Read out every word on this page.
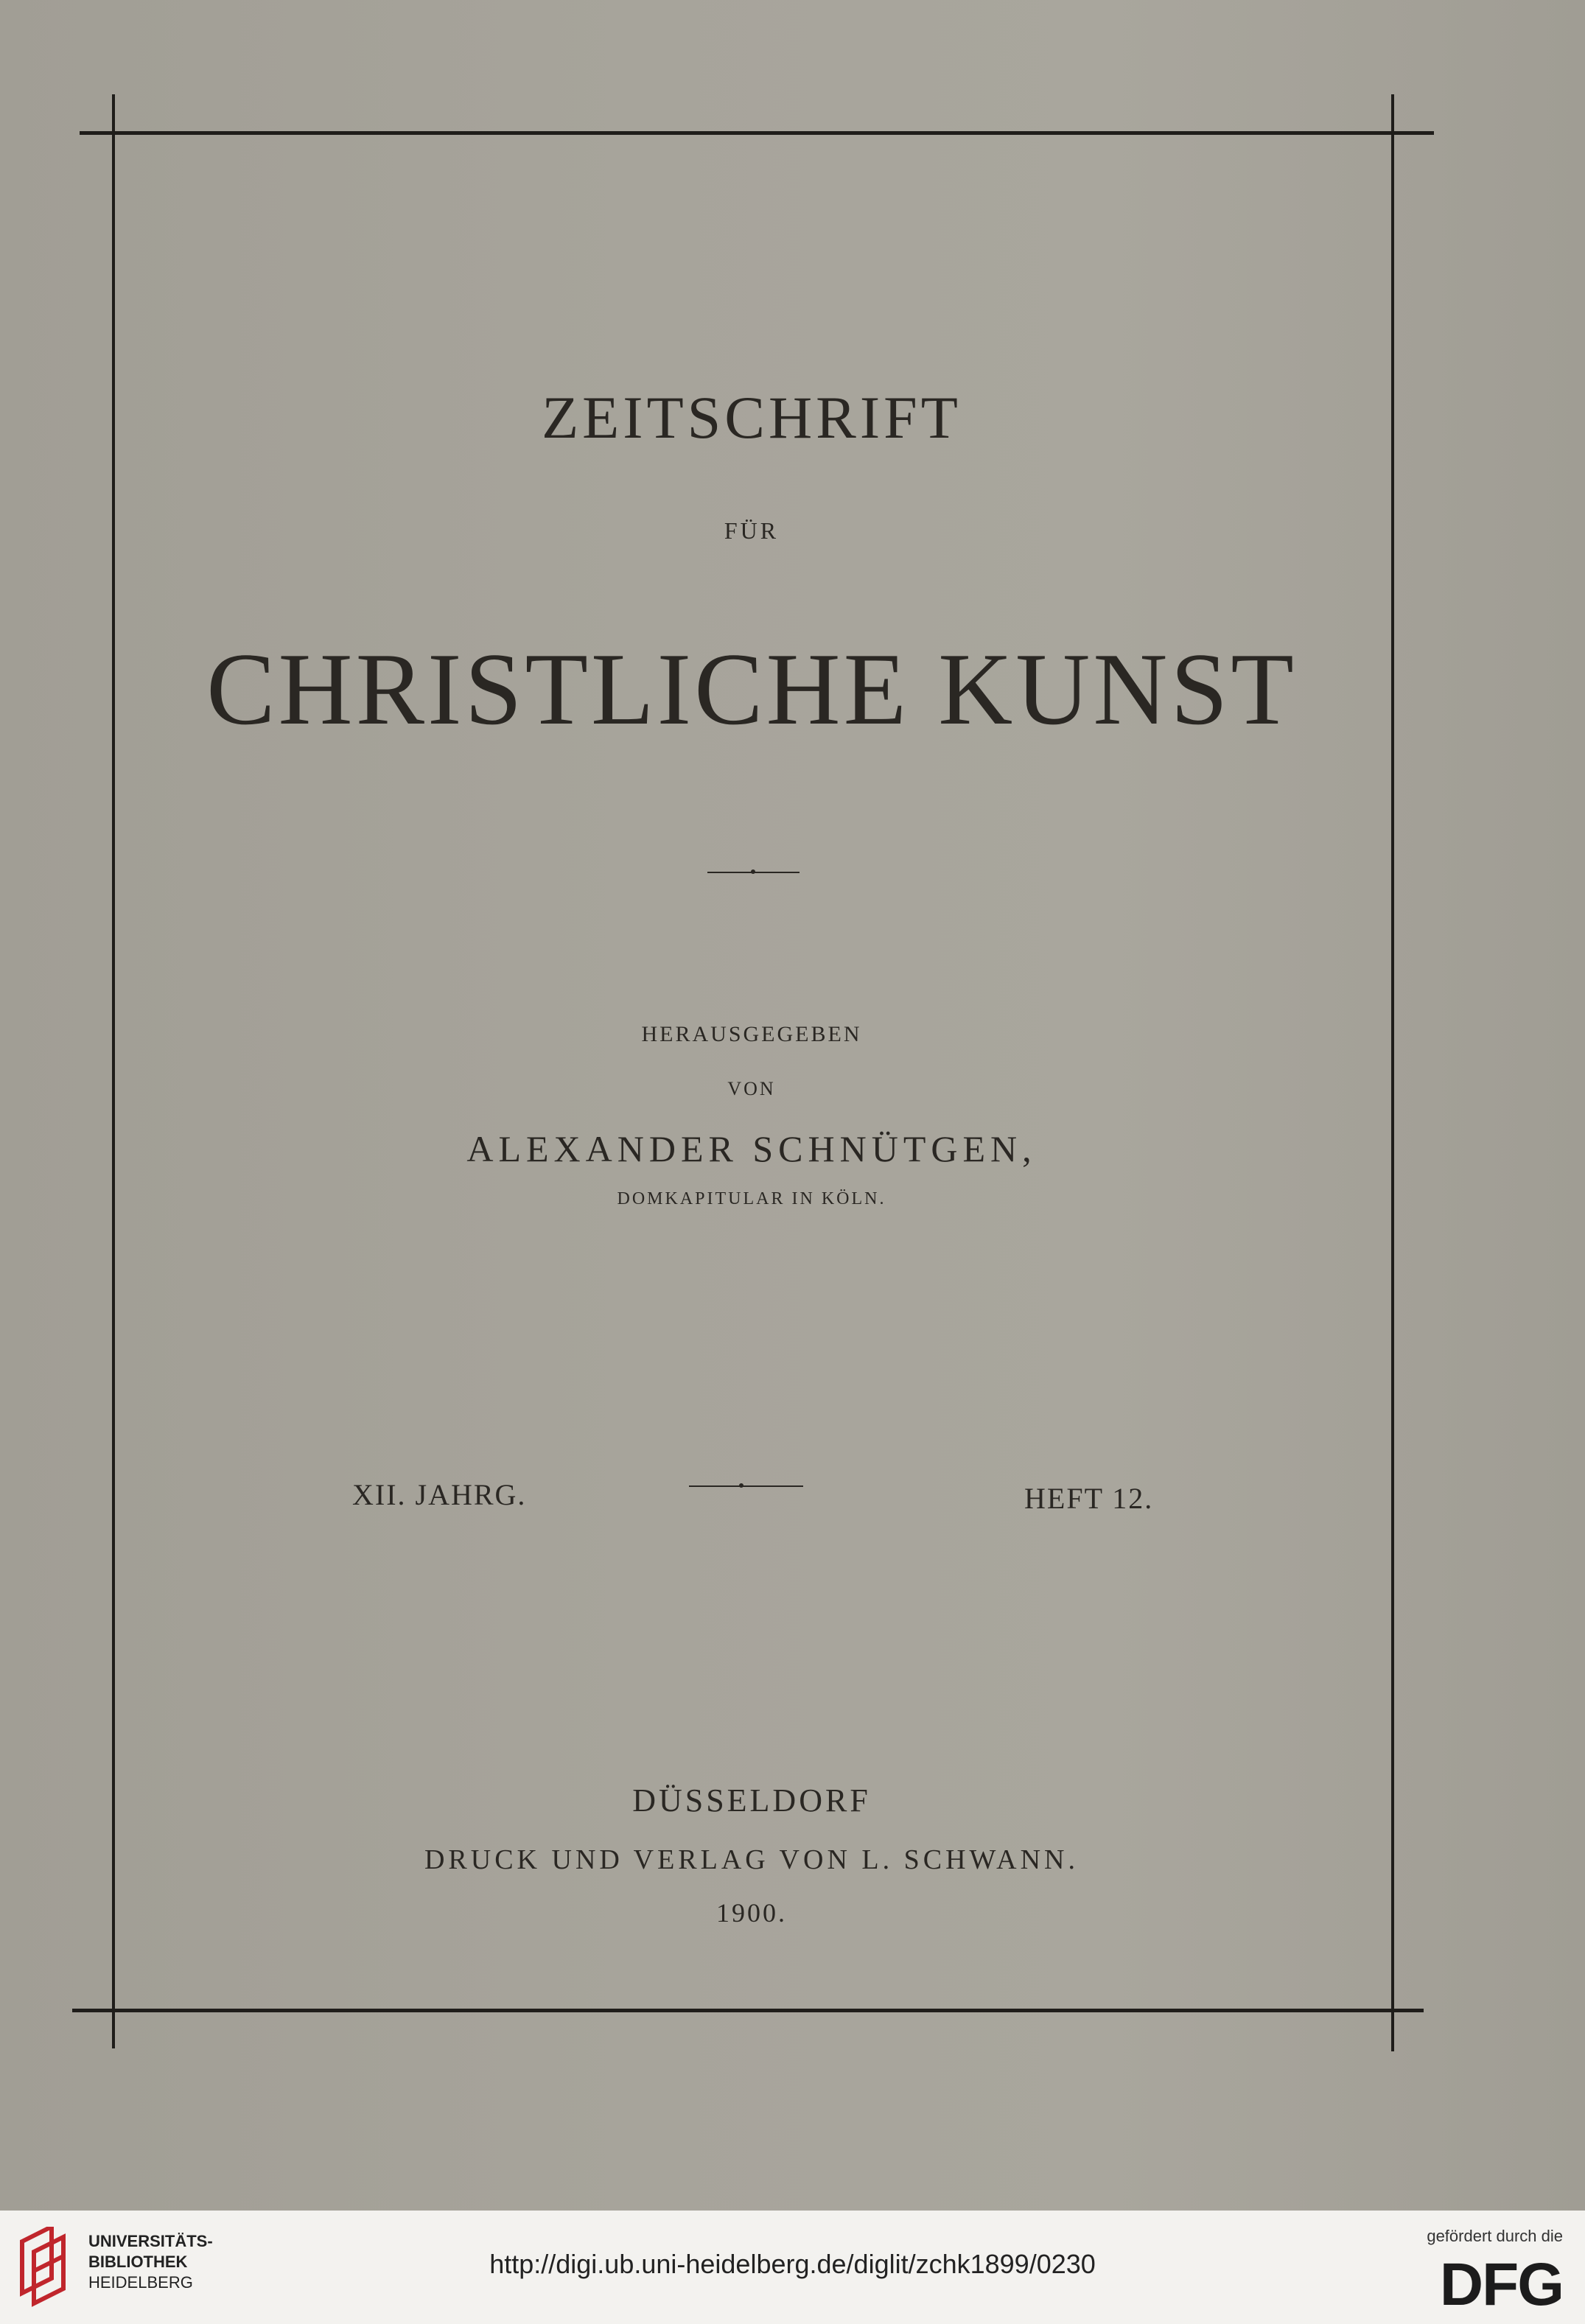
ZEITSCHRIFT
FÜR
CHRISTLICHE KUNST
HERAUSGEGEBEN
VON
ALEXANDER SCHNÜTGEN,
DOMKAPITULAR IN KÖLN.
XII. JAHRG.	HEFT 12.
DÜSSELDORF
DRUCK UND VERLAG VON L. SCHWANN.
1900.
UNIVERSITÄTS-
BIBLIOTHEK
HEIDELBERG
http://digi.ub.uni-heidelberg.de/diglit/zchk1899/0230
gefördert durch die
DFG
